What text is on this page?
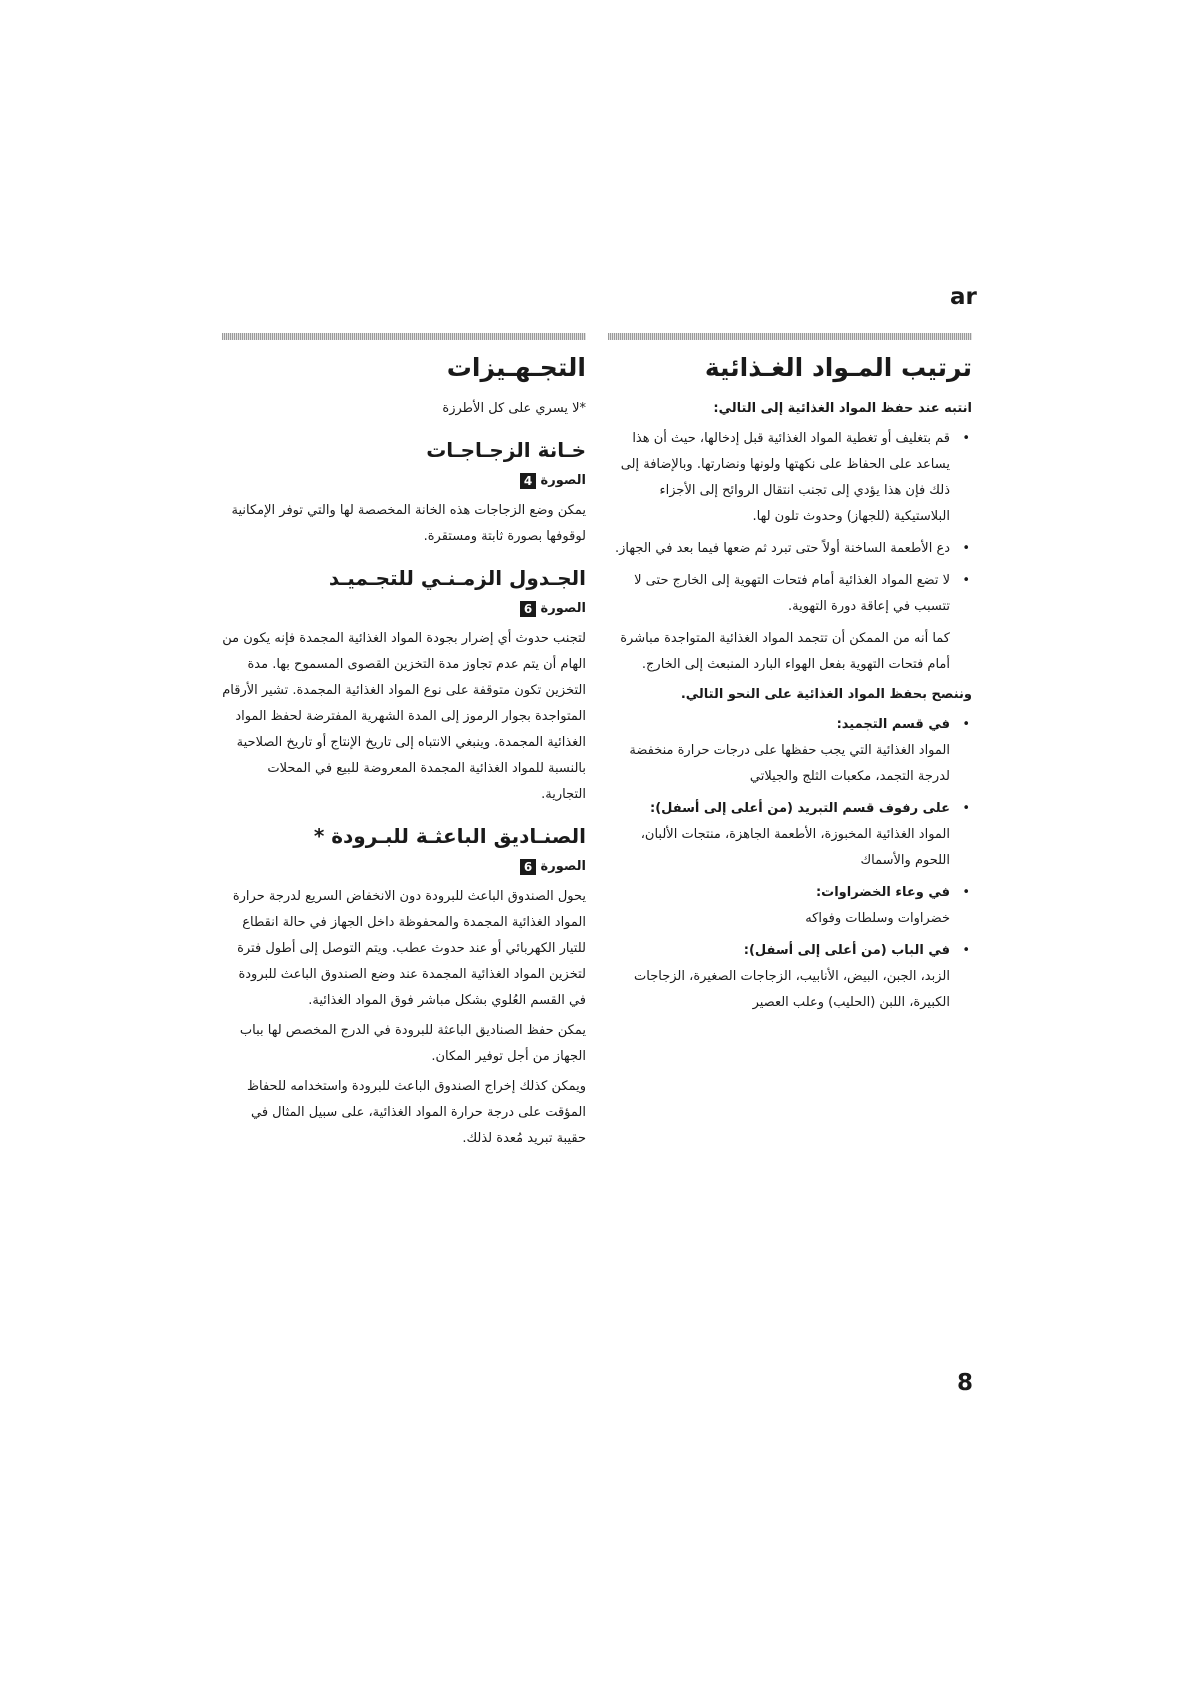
ar
ترتيب المـواد الغـذائية

انتبه عند حفظ المواد الغذائية إلى التالي:

• قم بتغليف أو تغطية المواد الغذائية قبل إدخالها، حيث أن هذا يساعد على الحفاظ على نكهتها ولونها ونضارتها. وبالإضافة إلى ذلك فإن هذا يؤدي إلى تجنب انتقال الروائح إلى الأجزاء البلاستيكية (للجهاز) وحدوث تلون لها.
• دع الأطعمة الساخنة أولاً حتى تبرد ثم ضعها فيما بعد في الجهاز.
• لا تضع المواد الغذائية أمام فتحات التهوية إلى الخارج حتى لا تتسبب في إعاقة دورة التهوية.

كما أنه من الممكن أن تتجمد المواد الغذائية المتواجدة مباشرة أمام فتحات التهوية بفعل الهواء البارد المنبعث إلى الخارج.

وننصح بحفظ المواد الغذائية على النحو التالي.

• في قسم التجميد:
المواد الغذائية التي يجب حفظها على درجات حرارة منخفضة لدرجة التجمد، مكعبات الثلج والجيلاتي
• على رفوف قسم التبريد (من أعلى إلى أسفل):
المواد الغذائية المخبوزة، الأطعمة الجاهزة، منتجات الألبان، اللحوم والأسماك
• في وعاء الخضراوات:
خضراوات وسلطات وفواكه
• في الباب (من أعلى إلى أسفل):
الزبد، الجبن، البيض، الأنابيب، الزجاجات الصغيرة، الزجاجات الكبيرة، اللبن (الحليب) وعلب العصير
التجـهـيزات

*لا يسري على كل الأطرزة

خـانة الزجـاجـات
الصورة 4

يمكن وضع الزجاجات هذه الخانة المخصصة لها والتي توفر الإمكانية لوقوفها بصورة ثابتة ومستقرة.

الجـدول الزمـنـي للتجـميـد
الصورة 6

لتجنب حدوث أي إضرار بجودة المواد الغذائية المجمدة فإنه يكون من الهام أن يتم عدم تجاوز مدة التخزين القصوى المسموح بها. مدة التخزين تكون متوقفة على نوع المواد الغذائية المجمدة. تشير الأرقام المتواجدة بجوار الرموز إلى المدة الشهرية المفترضة لحفظ المواد الغذائية المجمدة. وينبغي الانتباه إلى تاريخ الإنتاج أو تاريخ الصلاحية بالنسبة للمواد الغذائية المجمدة المعروضة للبيع في المحلات التجارية.

الصنـاديق الباعثـة للبـرودة *
الصورة 6

يحول الصندوق الباعث للبرودة دون الانخفاض السريع لدرجة حرارة المواد الغذائية المجمدة والمحفوظة داخل الجهاز في حالة انقطاع للتيار الكهربائي أو عند حدوث عطب. ويتم التوصل إلى أطول فترة لتخزين المواد الغذائية المجمدة عند وضع الصندوق الباعث للبرودة في القسم العُلوي بشكل مباشر فوق المواد الغذائية.

يمكن حفظ الصناديق الباعثة للبرودة في الدرج المخصص لها بباب الجهاز من أجل توفير المكان.

ويمكن كذلك إخراج الصندوق الباعث للبرودة واستخدامه للحفاظ المؤقت على درجة حرارة المواد الغذائية، على سبيل المثال في حقيبة تبريد مُعدة لذلك.

8
